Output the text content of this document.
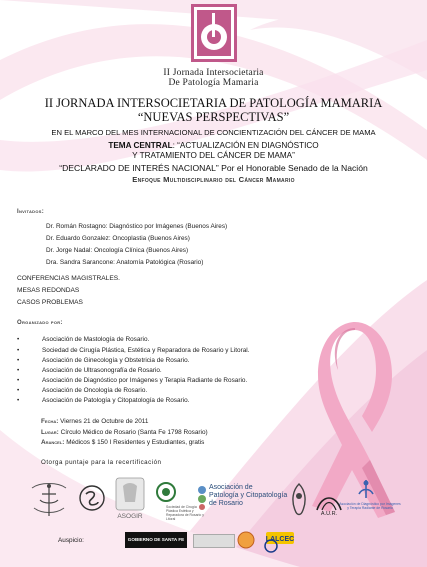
II Jornada Intersocietaria
De Patología Mamaria
II JORNADA INTERSOCIETARIA DE PATOLOGÍA MAMARIA
“NUEVAS PERSPECTIVAS”
EN EL MARCO DEL MES INTERNACIONAL DE CONCIENTIZACIÓN DEL CÁNCER DE MAMA
TEMA CENTRAL: “ACTUALIZACIÓN EN DIAGNÓSTICO
Y TRATAMIENTO DEL CÁNCER DE MAMA”
“DECLARADO DE INTERÉS NACIONAL” Por el Honorable Senado de la Nación
Enfoque Multidisciplinario del Cáncer Mamario
Invitados:
Dr. Román Rostagno: Diagnóstico por Imágenes (Buenos Aires)
Dr. Eduardo Gonzalez: Oncoplastia (Buenos Aires)
Dr. Jorge Nadal: Oncología Clínica (Buenos Aires)
Dra. Sandra Sarancone: Anatomía Patológica (Rosario)
CONFERENCIAS MAGISTRALES.
MESAS REDONDAS
CASOS PROBLEMAS
Organizado por:
•	Asociación de Mastología de Rosario.
•	Sociedad de Cirugía Plástica, Estética y Reparadora de Rosario y Litoral.
•	Asociación de Ginecología y Obstetricia de Rosario.
•	Asociación de Ultrasonografía de Rosario.
•	Asociación de Diagnóstico por Imágenes y Terapia Radiante de Rosario.
•	Asociación de Oncología de Rosario.
•	Asociación de Patología y Citopatología de Rosario.
Fecha: Viernes 21 de Octubre de 2011
Lugar: Círculo Médico de Rosario (Santa Fe 1798 Rosario)
Arancel: Médicos $ 150 I Residentes y Estudiantes, gratis
Otorga puntaje para la recertificación
ASOGIR
Sociedad de Cirugía Plástica Estética y Reparadora de Rosario y Litoral
Asociación de
Patología y Citopatología
de Rosario
A.U.R.
Asociación de Diagnóstico por Imágenes y Terapia Radiante de Rosario
Auspicio:	GOBIERNO DE SANTA FE	LALCEC
